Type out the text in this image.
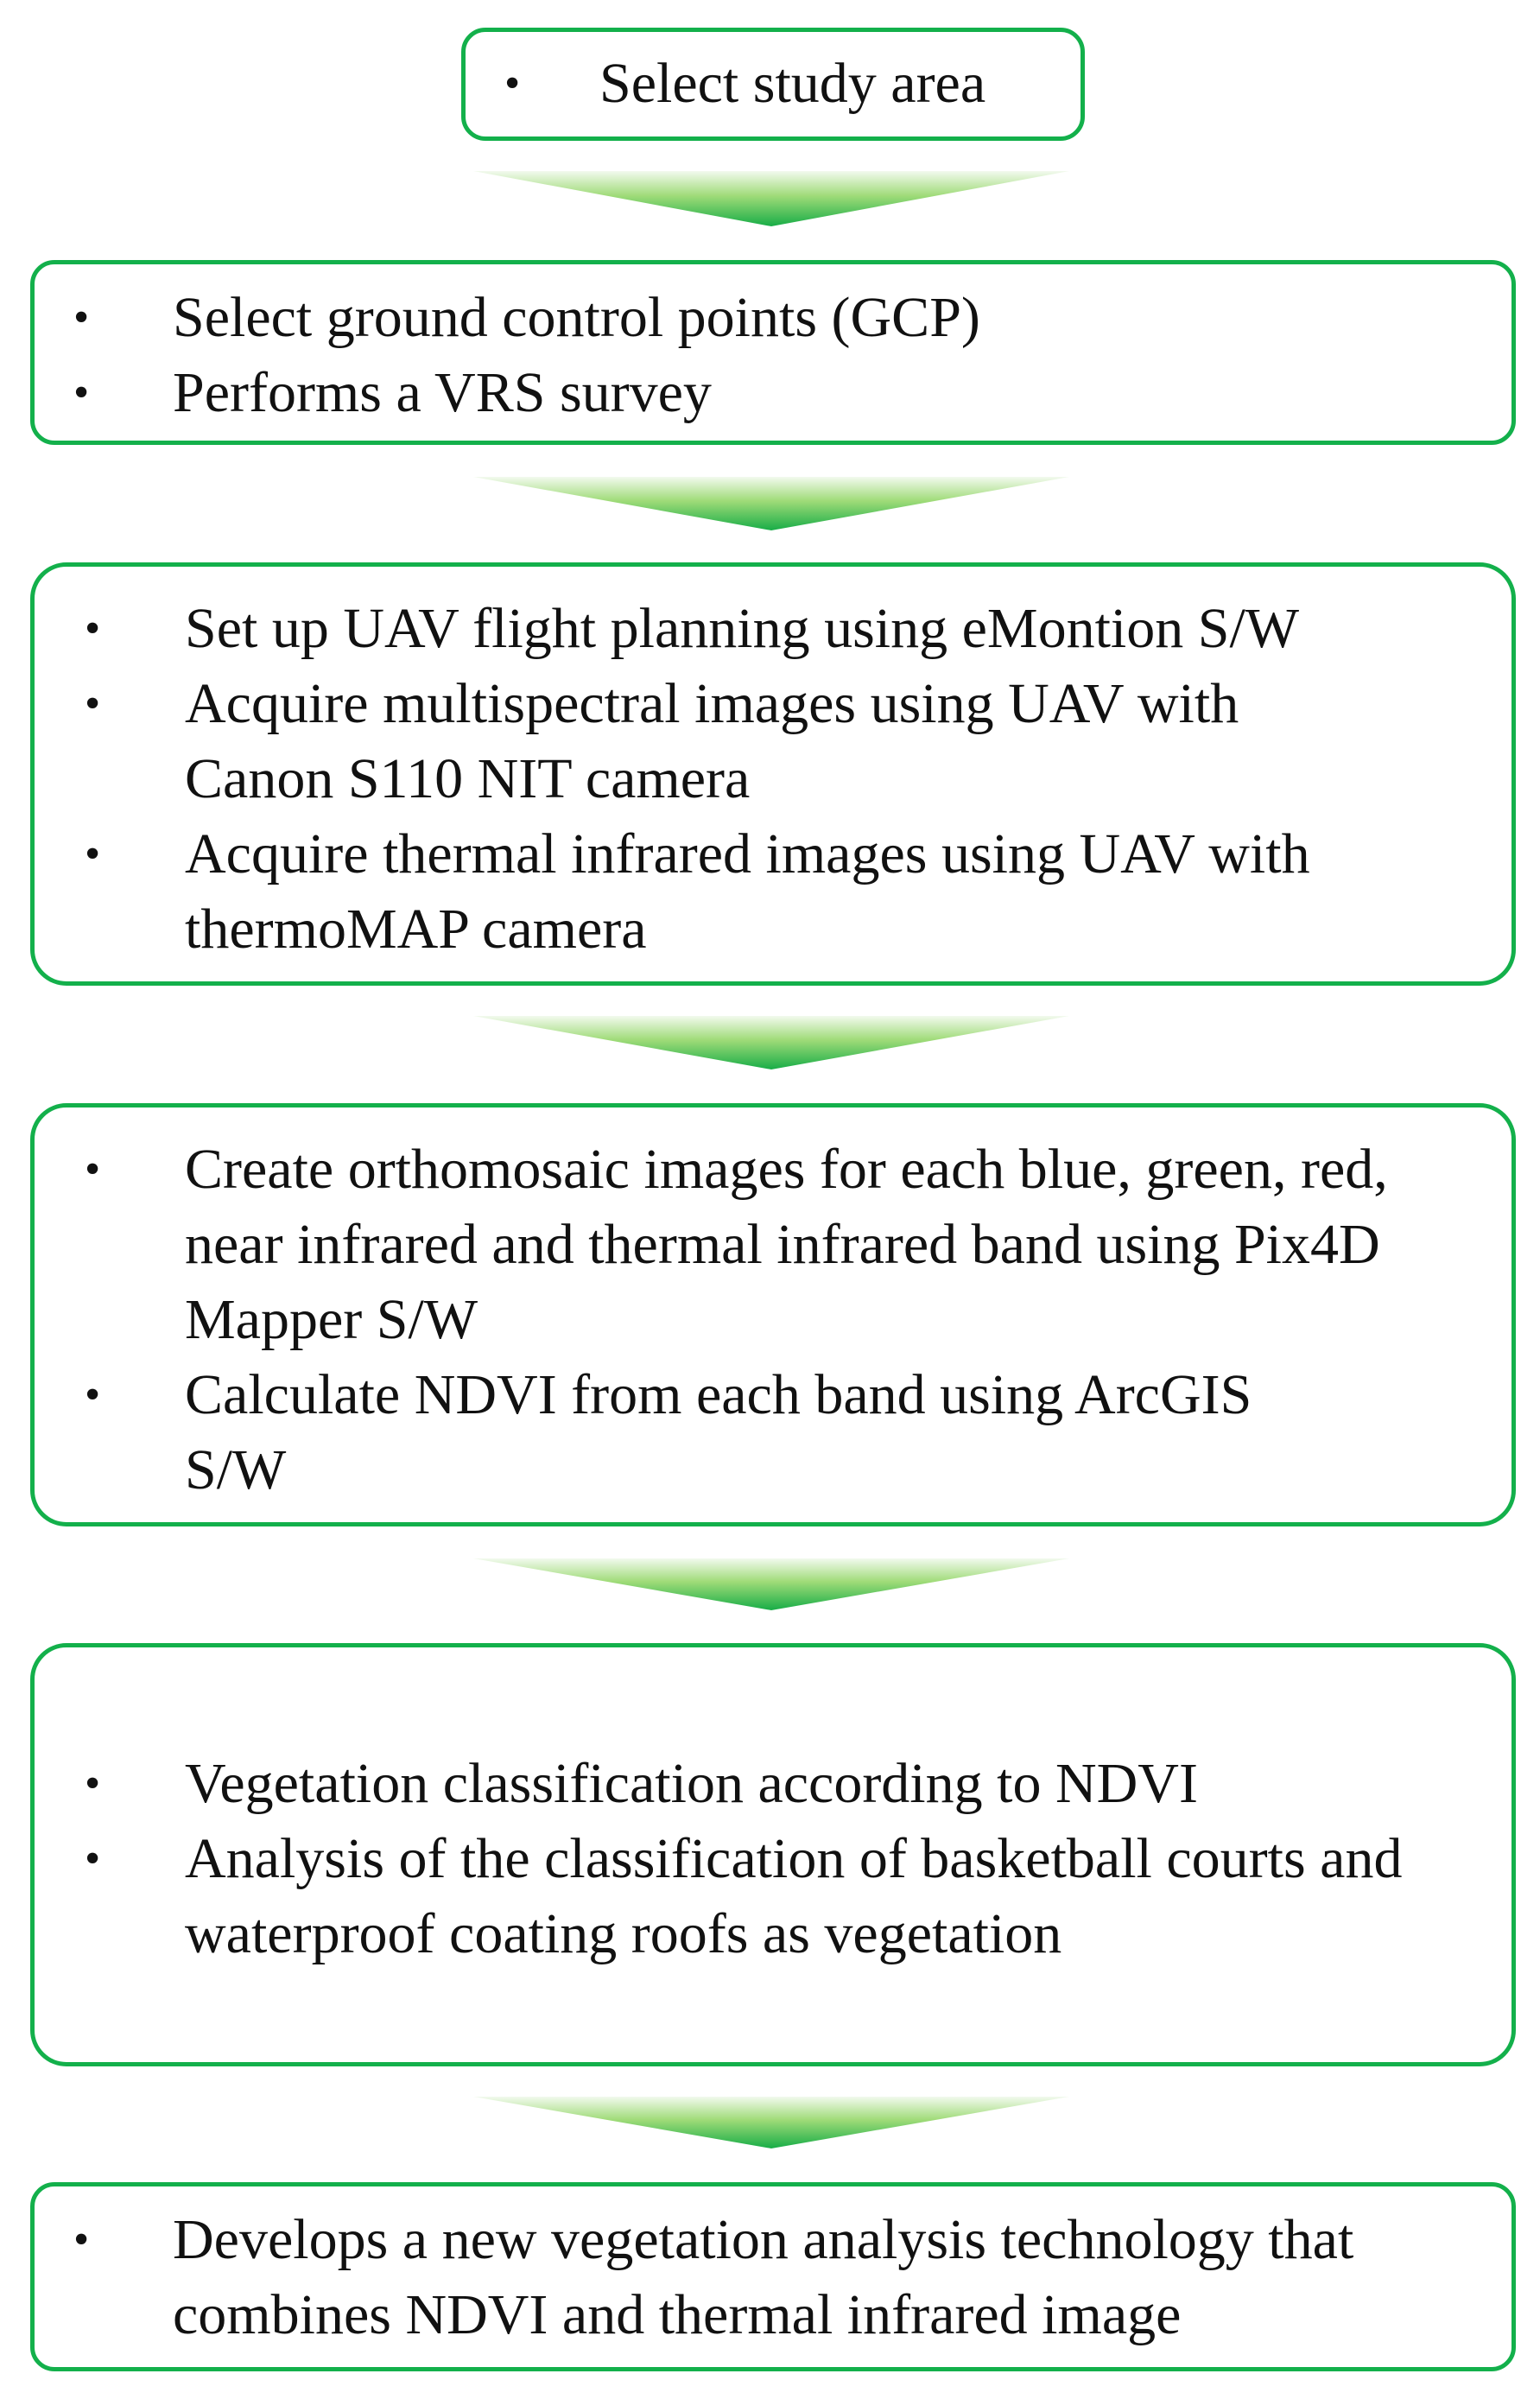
• Select study area
• Select ground control points (GCP)
• Performs a VRS survey
• Set up UAV flight planning using eMontion S/W
• Acquire multispectral images using UAV with Canon S110 NIT camera
• Acquire thermal infrared images using UAV with thermoMAP camera
• Create orthomosaic images for each blue, green, red, near infrared and thermal infrared band using Pix4D Mapper S/W
• Calculate NDVI from each band using ArcGIS S/W
• Vegetation classification according to NDVI
• Analysis of the classification of basketball courts and waterproof coating roofs as vegetation
• Develops a new vegetation analysis technology that combines NDVI and thermal infrared image
